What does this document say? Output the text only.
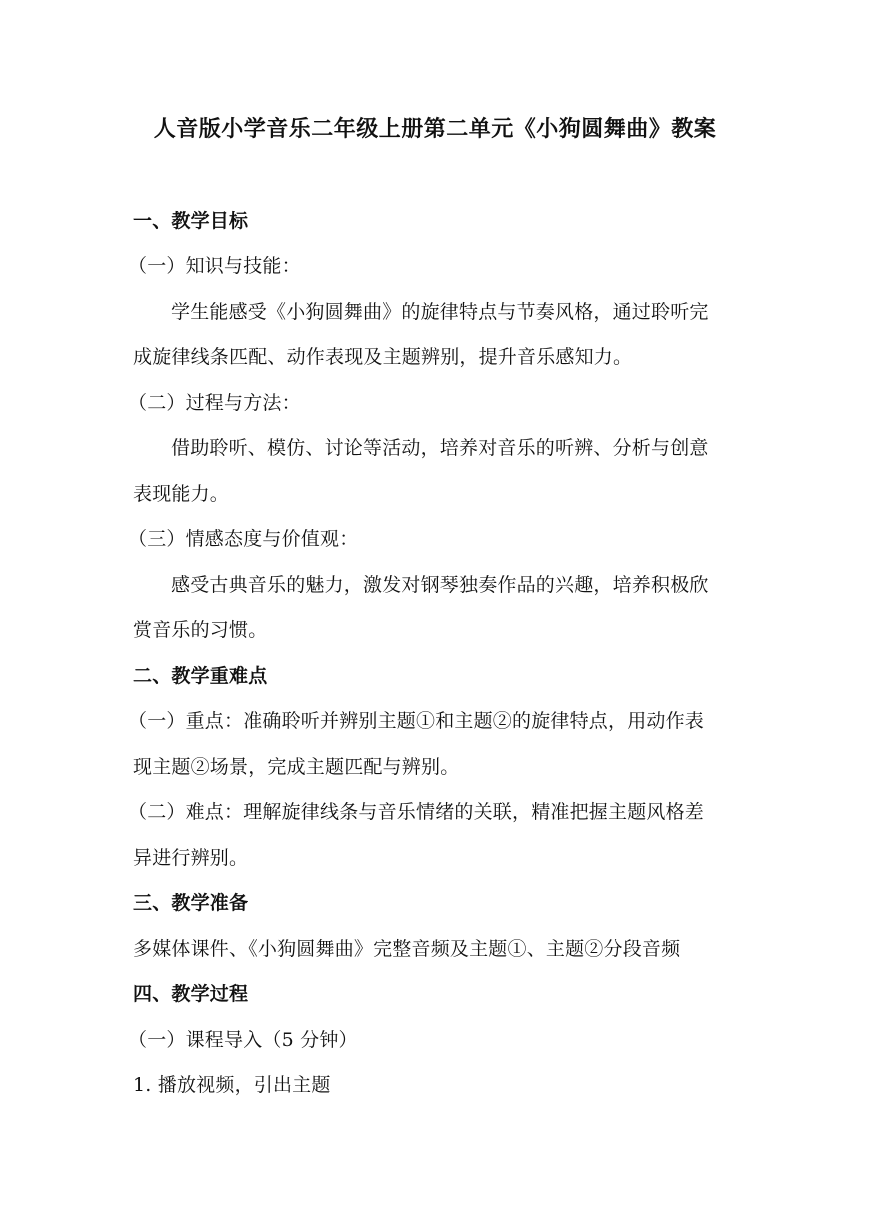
人音版小学音乐二年级上册第二单元《小狗圆舞曲》教案
一、教学目标
（一）知识与技能：
学生能感受《小狗圆舞曲》的旋律特点与节奏风格，通过聆听完
成旋律线条匹配、动作表现及主题辨别，提升音乐感知力。
（二）过程与方法：
借助聆听、模仿、讨论等活动，培养对音乐的听辨、分析与创意
表现能力。
（三）情感态度与价值观：
感受古典音乐的魅力，激发对钢琴独奏作品的兴趣，培养积极欣
赏音乐的习惯。
二、教学重难点
（一）重点：准确聆听并辨别主题①和主题②的旋律特点，用动作表
现主题②场景，完成主题匹配与辨别。
（二）难点：理解旋律线条与音乐情绪的关联，精准把握主题风格差
异进行辨别。
三、教学准备
多媒体课件、《小狗圆舞曲》完整音频及主题①、主题②分段音频
四、教学过程
（一）课程导入（5 分钟）
1. 播放视频，引出主题
